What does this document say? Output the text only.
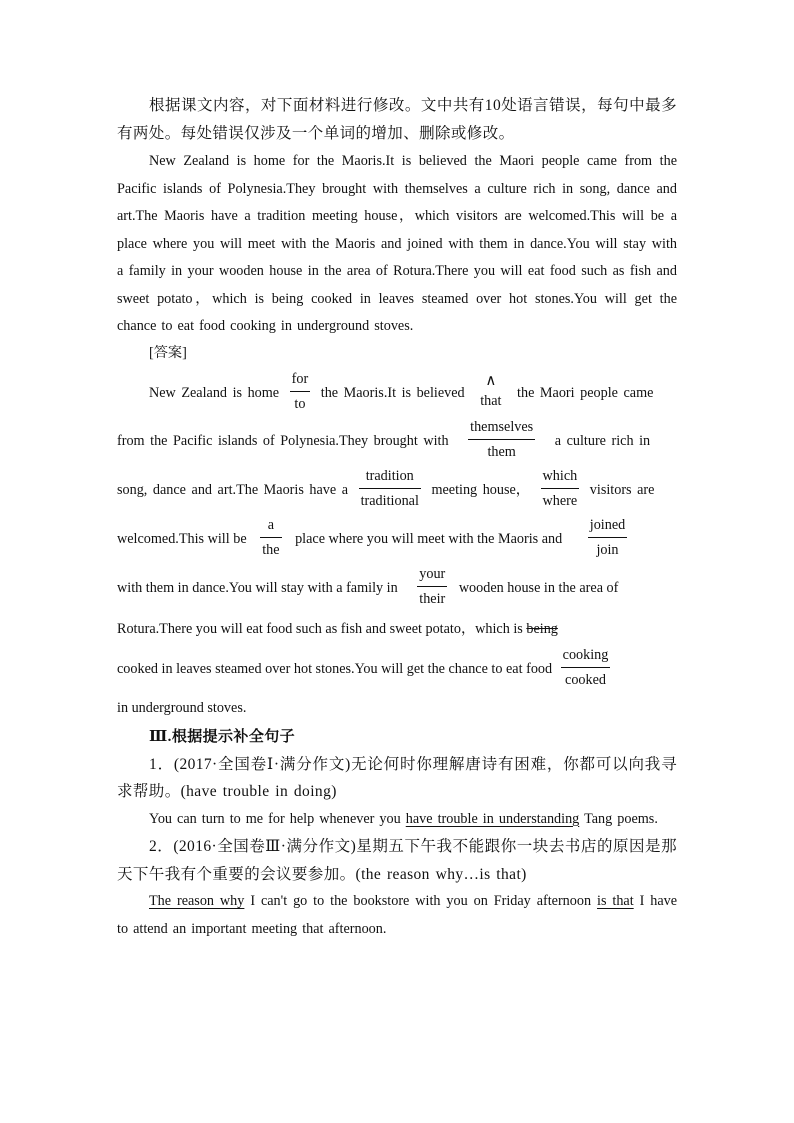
根据课文内容，对下面材料进行修改。文中共有10处语言错误，每句中最多有两处。每处错误仅涉及一个单词的增加、删除或修改。
New Zealand is home for the Maoris.It is believed the Maori people came from the Pacific islands of Polynesia.They brought with themselves a culture rich in song, dance and art.The Maoris have a tradition meeting house，which visitors are welcomed.This will be a place where you will meet with the Maoris and joined with them in dance.You will stay with a family in your wooden house in the area of Rotura.There you will eat food such as fish and sweet potato，which is being cooked in leaves steamed over hot stones.You will get the chance to eat food cooking in underground stoves.
[答案]
New Zealand is home $\frac{\text{for}}{to}$ the Maoris.It is believed ∧
that
the Maori people came
from the Pacific islands of Polynesia.They brought with $\frac{\text{themselves}}{\text{them}}$ a culture rich in
song, dance and art.The Maoris have a $\frac{\text{tradition}}{\text{traditional}}$ meeting house， $\frac{\text{which}}{\text{where}}$ visitors are
welcomed.This will be $\frac{a}{\text{the}}$ place where you will meet with the Maoris and $\frac{\text{joined}}{\text{join}}$
with them in dance.You will stay with a family in $\frac{\text{your}}{\text{their}}$ wooden house in the area of
Rotura.There you will eat food such as fish and sweet potato，which is being
cooked in leaves steamed over hot stones.You will get the chance to eat food $\frac{\text{cooking}}{\text{cooked}}$
in underground stoves.
Ⅲ.根据提示补全句子
1．(2017·全国卷Ⅰ·满分作文)无论何时你理解唐诗有困难，你都可以向我寻求帮助。(have trouble in doing)
You can turn to me for help whenever you have trouble in understanding Tang poems.
2．(2016·全国卷Ⅲ·满分作文)星期五下午我不能跟你一块去书店的原因是那天下午我有个重要的会议要参加。(the reason why…is that)
The reason why I can't go to the bookstore with you on Friday afternoon is that I have to attend an important meeting that afternoon.
